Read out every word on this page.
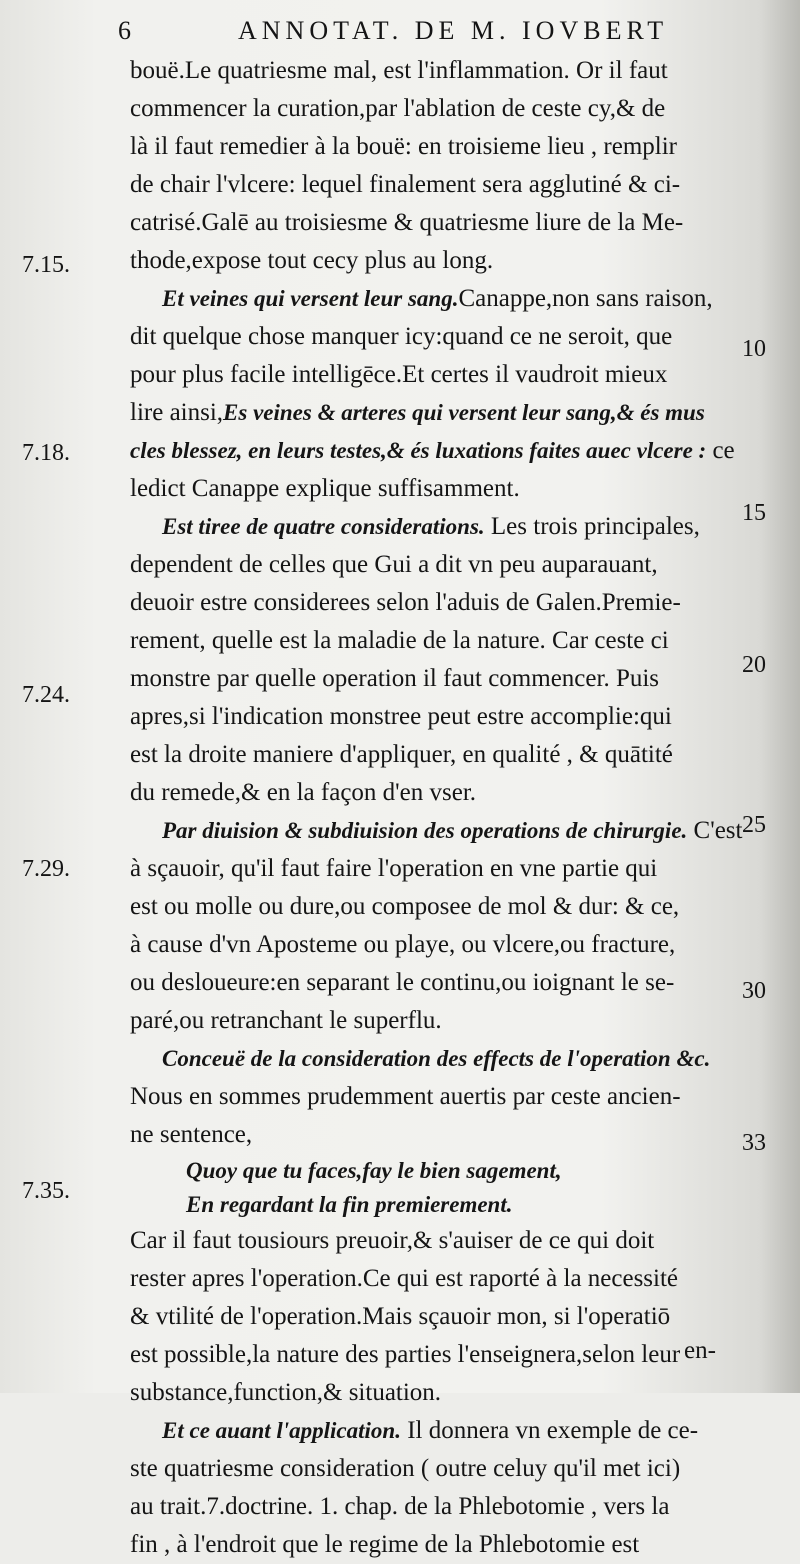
6	ANNOTAT. DE M. IOVBERT
bouë.Le quatriesme mal, est l'inflammation. Or il faut
commencer la curation,par l'ablation de ceste cy,& de
là il faut remedier à la bouë: en troisieme lieu , remplir
de chair l'vlcere: lequel finalement sera agglutiné & ci-
catrisé.Galē au troisiesme & quatriesme liure de la Me-
thode,expose tout cecy plus au long.
Et veines qui versent leur sang.Canappe,non sans raison,
dit quelque chose manquer icy:quand ce ne seroit, que
pour plus facile intelligēce.Et certes il vaudroit mieux
lire ainsi,Es veines & arteres qui versent leur sang,& és mus
cles blessez, en leurs testes,& és luxations faites auec vlcere : ce
ledict Canappe explique suffisamment.
Est tiree de quatre considerations. Les trois principales,
dependent de celles que Gui a dit vn peu auparauant,
deuoir estre considerees selon l'aduis de Galen.Premie-
rement, quelle est la maladie de la nature. Car ceste ci
monstre par quelle operation il faut commencer. Puis
apres,si l'indication monstree peut estre accomplie:qui
est la droite maniere d'appliquer, en qualité , & quātité
du remede,& en la façon d'en vser.
Par diuision & subdiuision des operations de chirurgie. C'est
à sçauoir, qu'il faut faire l'operation en vne partie qui
est ou molle ou dure,ou composee de mol & dur: & ce,
à cause d'vn Aposteme ou playe, ou vlcere,ou fracture,
ou desloueure:en separant le continu,ou ioignant le se-
paré,ou retranchant le superflu.
Conceuë de la consideration des effects de l'operation &c.
Nous en sommes prudemment auertis par ceste ancien-
ne sentence,
Quoy que tu faces,fay le bien sagement,
En regardant la fin premierement.
Car il faut tousiours preuoir,& s'auiser de ce qui doit
rester apres l'operation.Ce qui est raporté à la necessité
& vtilité de l'operation.Mais sçauoir mon, si l'operatiō
est possible,la nature des parties l'enseignera,selon leur
substance,function,& situation.
Et ce auant l'application. Il donnera vn exemple de ce-
ste quatriesme consideration ( outre celuy qu'il met ici)
au trait.7.doctrine. 1. chap. de la Phlebotomie , vers la
fin , à l'endroit que le regime de la Phlebotomie est
7.15.
7.18.
7.24.
7.29.
7.35.
10
15
20
25
30
33
en-
